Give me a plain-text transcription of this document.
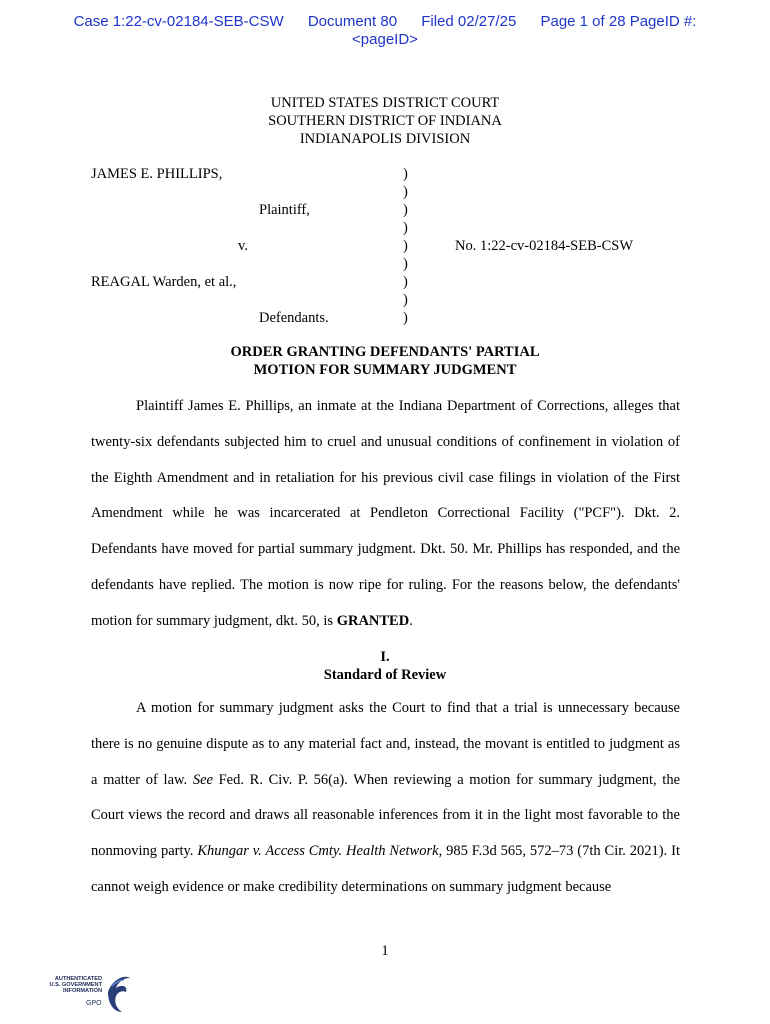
Case 1:22-cv-02184-SEB-CSW Document 80 Filed 02/27/25 Page 1 of 28 PageID #:
<pageID>
UNITED STATES DISTRICT COURT
SOUTHERN DISTRICT OF INDIANA
INDIANAPOLIS DIVISION
JAMES E. PHILLIPS,
Plaintiff,
v.
REAGAL Warden, et al.,
Defendants.
No. 1:22-cv-02184-SEB-CSW
)
)
)
)
)
)
)
)
)
ORDER GRANTING DEFENDANTS' PARTIAL
MOTION FOR SUMMARY JUDGMENT

Plaintiff James E. Phillips, an inmate at the Indiana Department of Corrections, alleges that twenty-six defendants subjected him to cruel and unusual conditions of confinement in violation of the Eighth Amendment and in retaliation for his previous civil case filings in violation of the First Amendment while he was incarcerated at Pendleton Correctional Facility ("PCF"). Dkt. 2. Defendants have moved for partial summary judgment. Dkt. 50. Mr. Phillips has responded, and the defendants have replied. The motion is now ripe for ruling. For the reasons below, the defendants' motion for summary judgment, dkt. 50, is GRANTED.

I.
Standard of Review

A motion for summary judgment asks the Court to find that a trial is unnecessary because there is no genuine dispute as to any material fact and, instead, the movant is entitled to judgment as a matter of law. See Fed. R. Civ. P. 56(a). When reviewing a motion for summary judgment, the Court views the record and draws all reasonable inferences from it in the light most favorable to the nonmoving party. Khungar v. Access Cmty. Health Network, 985 F.3d 565, 572–73 (7th Cir. 2021). It cannot weigh evidence or make credibility determinations on summary judgment because

1
AUTHENTICATED
U.S. GOVERNMENT
INFORMATION
GPO
